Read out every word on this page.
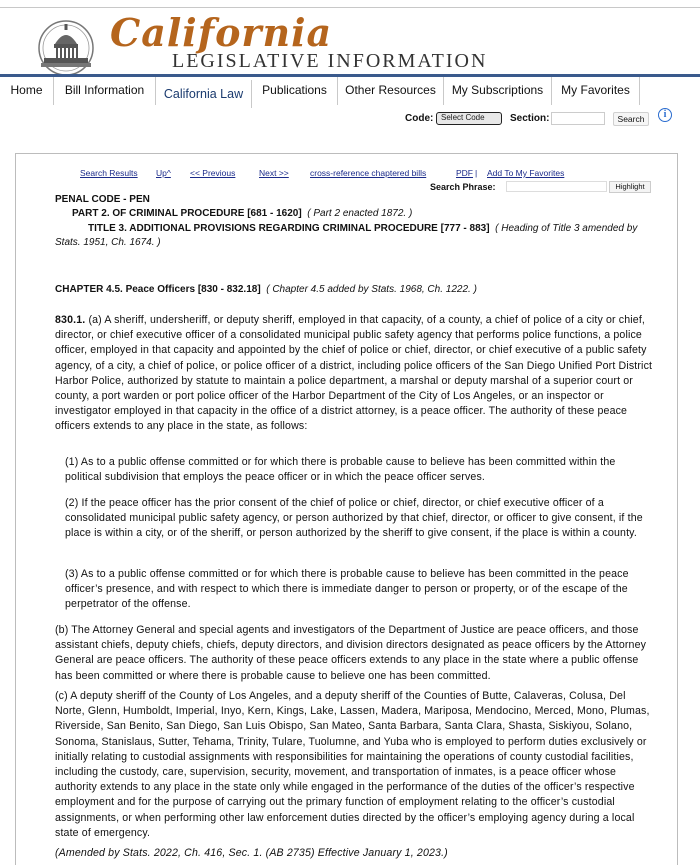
California
LEGISLATIVE INFORMATION
Home	Bill Information	California Law	Publications	Other Resources	My Subscriptions	My Favorites
i
Code: Select Code	Section:	Search
Search Results Up^ << Previous	Next >> cross-reference chaptered bills	PDF | Add To My Favorites
Search Phrase:	Highlight
PENAL CODE - PEN
PART 2. OF CRIMINAL PROCEDURE [681 - 1620] ( Part 2 enacted 1872. )
TITLE 3. ADDITIONAL PROVISIONS REGARDING CRIMINAL PROCEDURE [777 - 883] ( Heading of Title 3 amended by
Stats. 1951, Ch. 1674. )
CHAPTER 4.5. Peace Officers [830 - 832.18] ( Chapter 4.5 added by Stats. 1968, Ch. 1222. )
830.1. (a) A sheriff, undersheriff, or deputy sheriff, employed in that capacity, of a county, a chief of police of a city or chief, director, or chief executive officer of a consolidated municipal public safety agency that performs police functions, a police officer, employed in that capacity and appointed by the chief of police or chief, director, or chief executive of a public safety agency, of a city, a chief of police, or police officer of a district, including police officers of the San Diego Unified Port District Harbor Police, authorized by statute to maintain a police department, a marshal or deputy marshal of a superior court or county, a port warden or port police officer of the Harbor Department of the City of Los Angeles, or an inspector or investigator employed in that capacity in the office of a district attorney, is a peace officer. The authority of these peace officers extends to any place in the state, as follows:
(1) As to a public offense committed or for which there is probable cause to believe has been committed within the political subdivision that employs the peace officer or in which the peace officer serves.
(2) If the peace officer has the prior consent of the chief of police or chief, director, or chief executive officer of a consolidated municipal public safety agency, or person authorized by that chief, director, or officer to give consent, if the place is within a city, or of the sheriff, or person authorized by the sheriff to give consent, if the place is within a county.
(3) As to a public offense committed or for which there is probable cause to believe has been committed in the peace officer’s presence, and with respect to which there is immediate danger to person or property, or of the escape of the perpetrator of the offense.
(b) The Attorney General and special agents and investigators of the Department of Justice are peace officers, and those assistant chiefs, deputy chiefs, chiefs, deputy directors, and division directors designated as peace officers by the Attorney General are peace officers. The authority of these peace officers extends to any place in the state where a public offense has been committed or where there is probable cause to believe one has been committed.
(c) A deputy sheriff of the County of Los Angeles, and a deputy sheriff of the Counties of Butte, Calaveras, Colusa, Del Norte, Glenn, Humboldt, Imperial, Inyo, Kern, Kings, Lake, Lassen, Madera, Mariposa, Mendocino, Merced, Mono, Plumas, Riverside, San Benito, San Diego, San Luis Obispo, San Mateo, Santa Barbara, Santa Clara, Shasta, Siskiyou, Solano, Sonoma, Stanislaus, Sutter, Tehama, Trinity, Tulare, Tuolumne, and Yuba who is employed to perform duties exclusively or initially relating to custodial assignments with responsibilities for maintaining the operations of county custodial facilities, including the custody, care, supervision, security, movement, and transportation of inmates, is a peace officer whose authority extends to any place in the state only while engaged in the performance of the duties of the officer’s respective employment and for the purpose of carrying out the primary function of employment relating to the officer’s custodial assignments, or when performing other law enforcement duties directed by the officer’s employing agency during a local state of emergency.
(Amended by Stats. 2022, Ch. 416, Sec. 1. (AB 2735) Effective January 1, 2023.)
